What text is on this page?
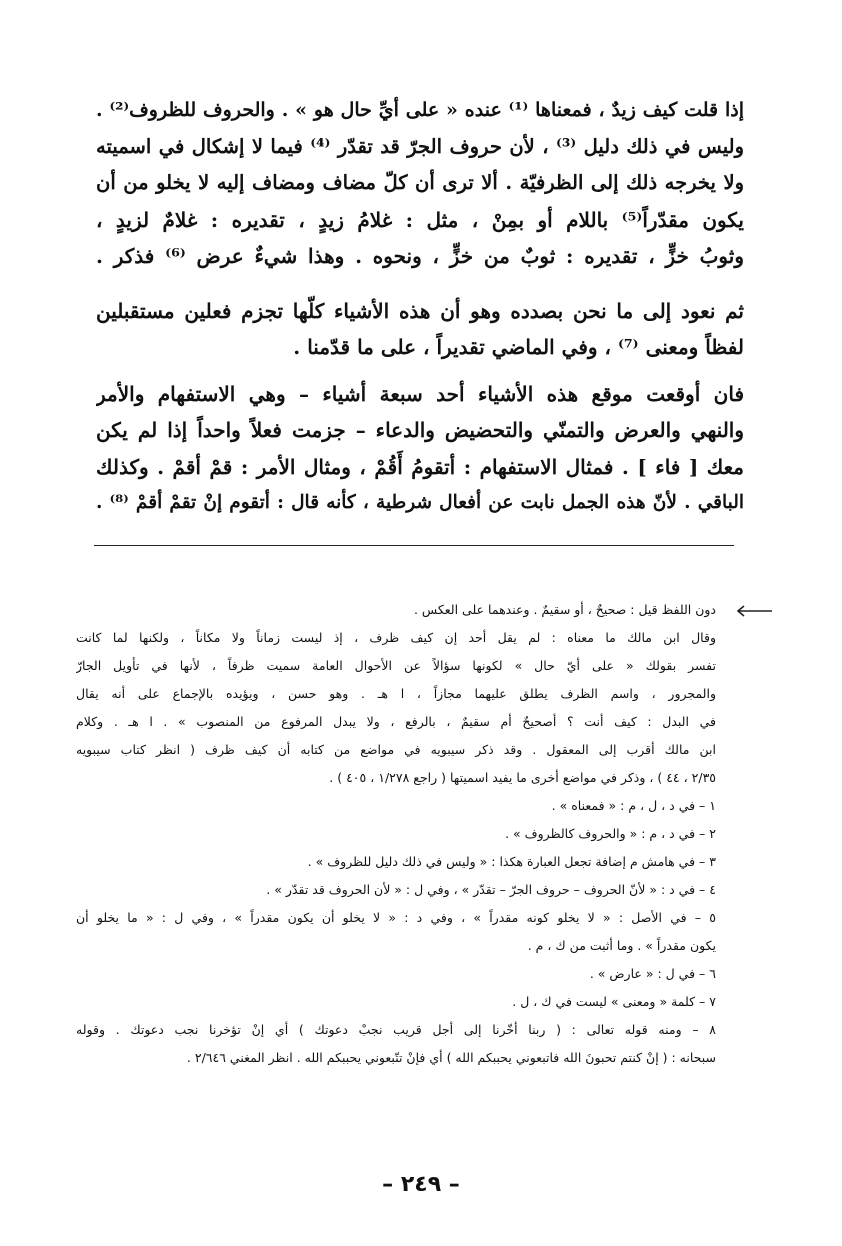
إذا قلت كيف زيدٌ ، فمعناها ⁽¹⁾ عنده « على أيِّ حال هو » . والحروف للظروف⁽²⁾ .
وليس في ذلك دليل ⁽³⁾ ، لأن حروف الجرّ قد تقدّر ⁽⁴⁾ فيما لا إشكال في اسميته
ولا يخرجه ذلك إلى الظرفيّة . ألا ترى أن كلّ مضاف ومضاف إليه لا يخلو من أن
يكون مقدّراً⁽⁵⁾ باللام أو بمِنْ ، مثل : غلامُ زيدٍ ، تقديره : غلامٌ لزيدٍ ،
وثوبُ خزٍّ ، تقديره : ثوبٌ من خزٍّ ، ونحوه . وهذا شيءٌ عرض ⁽⁶⁾ فذكر .
ثم نعود إلى ما نحن بصدده وهو أن هذه الأشياء كلّها تجزم فعلين مستقبلين
لفظاً ومعنى ⁽⁷⁾ ، وفي الماضي تقديراً ، على ما قدّمنا .
فان أوقعت موقع هذه الأشياء أحد سبعة أشياء – وهي الاستفهام والأمر
والنهي والعرض والتمنّي والتحضيض والدعاء – جزمت فعلاً واحداً إذا لم يكن
معك [ فاء ] . فمثال الاستفهام : أتقومُ أَقُمْ ، ومثال الأمر : قمْ أقمْ . وكذلك
الباقي . لأنّ هذه الجمل نابت عن أفعال شرطية ، كأنه قال : أتقوم إنْ تقمْ أقمْ ⁽⁸⁾ .
دون اللفظ قيل : صحيحٌ ، أو سقيمٌ . وعندهما على العكس .
وقال ابن مالك ما معناه : لم يقل أحد إن كيف ظرف ، إذ ليست زماناً ولا مكاناً ، ولكنها لما كانت
تفسر بقولك « على أيّ حال » لكونها سؤالاً عن الأحوال العامة سميت ظرفاً ، لأنها في تأويل الجارّ
والمجرور ، واسم الظرف يطلق عليهما مجازاً ، ا هـ . وهو حسن ، ويؤيده بالإجماع على أنه يقال
في البدل : كيف أنت ؟ أصحيحٌ أم سقيمٌ ، بالرفع ، ولا يبدل المرفوع من المنصوب » . ا هـ . وكلام
ابن مالك أقرب إلى المعقول . وقد ذكر سيبويه في مواضع من كتابه أن كيف ظرف ( انظر كتاب سيبويه
٢/٣٥ ، ٤٤ ) ، وذكر في مواضع أخرى ما يفيد اسميتها ( راجع ١/٢٧٨ ، ٤٠٥ ) .
١ – في د ، ل ، م : « فمعناه » .
٢ – في د ، م : « والحروف كالظروف » .
٣ – في هامش م إضافة تجعل العبارة هكذا : « وليس في ذلك دليل للظروف » .
٤ – في د : « لأنّ الحروف – حروف الجرّ – تقدّر » ، وفي ل : « لأن الحروف قد تقدّر » .
٥ – في الأصل : « لا يخلو كونه مقدراً » ، وفي د : « لا يخلو أن يكون مقدراً » ، وفي ل : « ما يخلو أن
يكون مقدراً » . وما أثبت من ك ، م .
٦ – في ل : « عارض » .
٧ – كلمة « ومعنى » ليست في ك ، ل .
٨ – ومنه قوله تعالى : ( ربنا أخّرنا إلى أجل قريب نجبْ دعوتك ) أي إنْ تؤخرنا نجب دعوتك . وقوله
سبحانه : ( إنْ كنتم تحبونَ الله فاتبعوني يحببكم الله ) أي فإنْ تتّبعوني يحببكم الله . انظر المغني ٢/٦٤٦ .
– ٢٤٩ –
